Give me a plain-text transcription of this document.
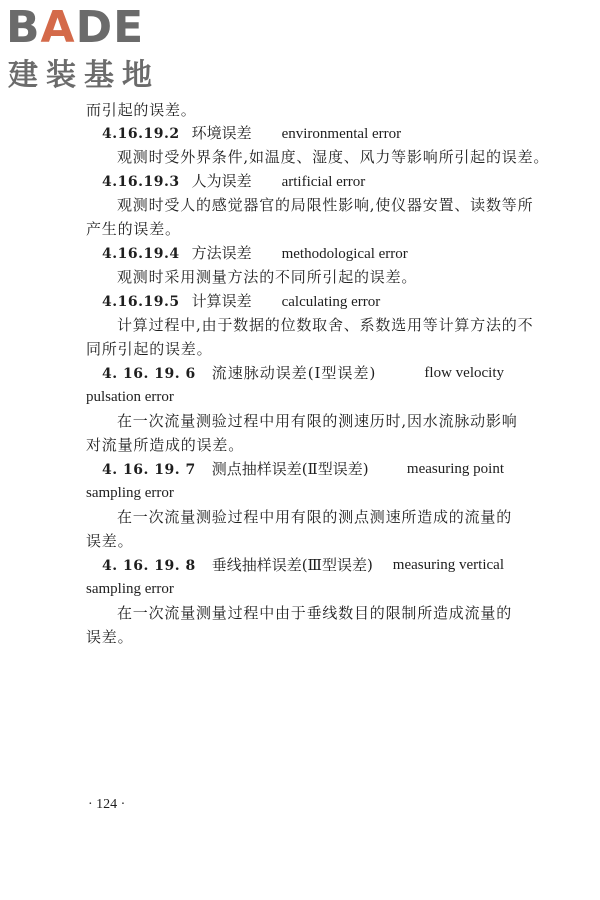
BADE
建装基地
而引起的误差。
4.16.19.2 环境误差 environmental error
观测时受外界条件,如温度、湿度、风力等影响所引起的误差。
4.16.19.3 人为误差 artificial error
观测时受人的感觉器官的局限性影响,使仪器安置、读数等所
产生的误差。
4.16.19.4 方法误差 methodological error
观测时采用测量方法的不同所引起的误差。
4.16.19.5 计算误差 calculating error
计算过程中,由于数据的位数取舍、系数选用等计算方法的不
同所引起的误差。
4. 16. 19. 6 流速脉动误差(Ⅰ型误差)	flow velocity
pulsation error
在一次流量测验过程中用有限的测速历时,因水流脉动影响
对流量所造成的误差。
4. 16. 19. 7 测点抽样误差(Ⅱ型误差)	measuring point
sampling error
在一次流量测验过程中用有限的测点测速所造成的流量的
误差。
4. 16. 19. 8 垂线抽样误差(Ⅲ型误差) measuring vertical
sampling error
在一次流量测量过程中由于垂线数目的限制所造成流量的
误差。
· 124 ·
